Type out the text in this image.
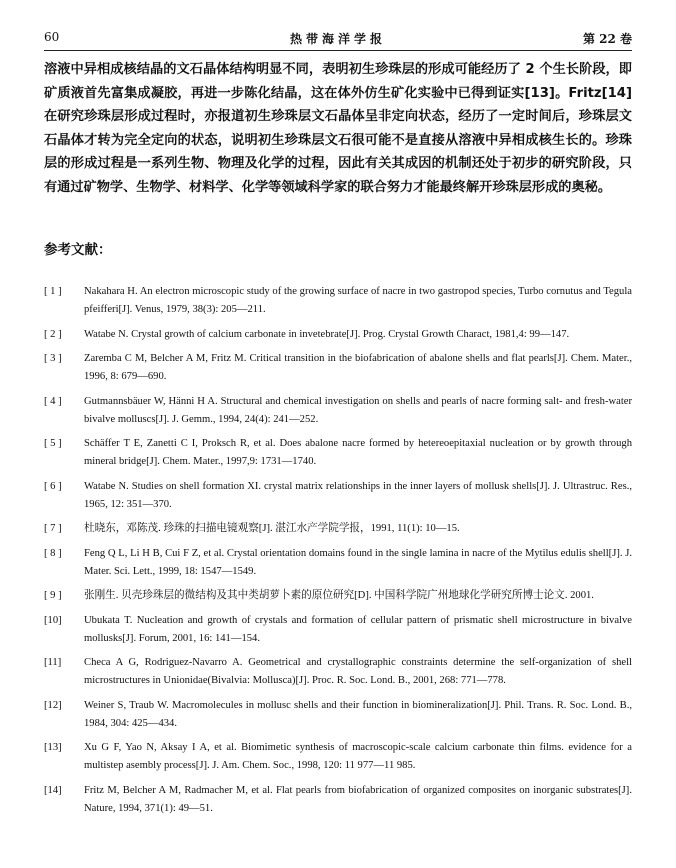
60	热带海洋学报	第 22 卷

溶液中异相成核结晶的文石晶体结构明显不同，表明初生珍珠层的形成可能经历了 2 个生长阶段，即矿质液首先富集成凝胶，再进一步陈化结晶，这在体外仿生矿化实验中已得到证实[13]。Fritz[14]在研究珍珠层形成过程时，亦报道初生珍珠层文石晶体呈非定向状态，经历了一定时间后，珍珠层文石晶体才转为完全定向的状态，说明初生珍珠层文石很可能不是直接从溶液中异相成核生长的。珍珠层的形成过程是一系列生物、物理及化学的过程，因此有关其成因的机制还处于初步的研究阶段，只有通过矿物学、生物学、材料学、化学等领域科学家的联合努力才能最终解开珍珠层形成的奥秘。

参考文献：
[ 1 ] Nakahara H. An electron microscopic study of the growing surface of nacre in two gastropod species, Turbo cornutus and Tegula pfeifferi[J]. Venus, 1979, 38(3): 205—211.
[ 2 ] Watabe N. Crystal growth of calcium carbonate in invetebrate[J]. Prog. Crystal Growth Charact, 1981,4: 99—147.
[ 3 ] Zaremba C M, Belcher A M, Fritz M. Critical transition in the biofabrication of abalone shells and flat pearls[J]. Chem. Mater., 1996, 8: 679—690.
[ 4 ] Gutmannsbäuer W, Hänni H A. Structural and chemical investigation on shells and pearls of nacre forming salt- and fresh-water bivalve molluscs[J]. J. Gemm., 1994, 24(4): 241—252.
[ 5 ] Schäffer T E, Zanetti C I, Proksch R, et al. Does abalone nacre formed by hetereoepitaxial nucleation or by growth through mineral bridge[J]. Chem. Mater., 1997,9: 1731—1740.
[ 6 ] Watabe N. Studies on shell formation XI. crystal matrix relationships in the inner layers of mollusk shells[J]. J. Ultrastruc. Res., 1965, 12: 351—370.
[ 7 ] 杜晓东，邓陈茂. 珍珠的扫描电镜观察[J]. 湛江水产学院学报，1991, 11(1): 10—15.
[ 8 ] Feng Q L, Li H B, Cui F Z, et al. Crystal orientation domains found in the single lamina in nacre of the Mytilus edulis shell[J]. J. Mater. Sci. Lett., 1999, 18: 1547—1549.
[ 9 ] 张刚生. 贝壳珍珠层的微结构及其中类胡萝卜素的原位研究[D]. 中国科学院广州地球化学研究所博士论文. 2001.
[10] Ubukata T. Nucleation and growth of crystals and formation of cellular pattern of prismatic shell microstructure in bivalve mollusks[J]. Forum, 2001, 16: 141—154.
[11] Checa A G, Rodriguez-Navarro A. Geometrical and crystallographic constraints determine the self-organization of shell microstructures in Unionidae(Bivalvia: Mollusca)[J]. Proc. R. Soc. Lond. B., 2001, 268: 771—778.
[12] Weiner S, Traub W. Macromolecules in mollusc shells and their function in biomineralization[J]. Phil. Trans. R. Soc. Lond. B., 1984, 304: 425—434.
[13] Xu G F, Yao N, Aksay I A, et al. Biomimetic synthesis of macroscopic-scale calcium carbonate thin films. evidence for a multistep asembly process[J]. J. Am. Chem. Soc., 1998, 120: 11 977—11 985.
[14] Fritz M, Belcher A M, Radmacher M, et al. Flat pearls from biofabrication of organized composites on inorganic substrates[J]. Nature, 1994, 371(1): 49—51.
